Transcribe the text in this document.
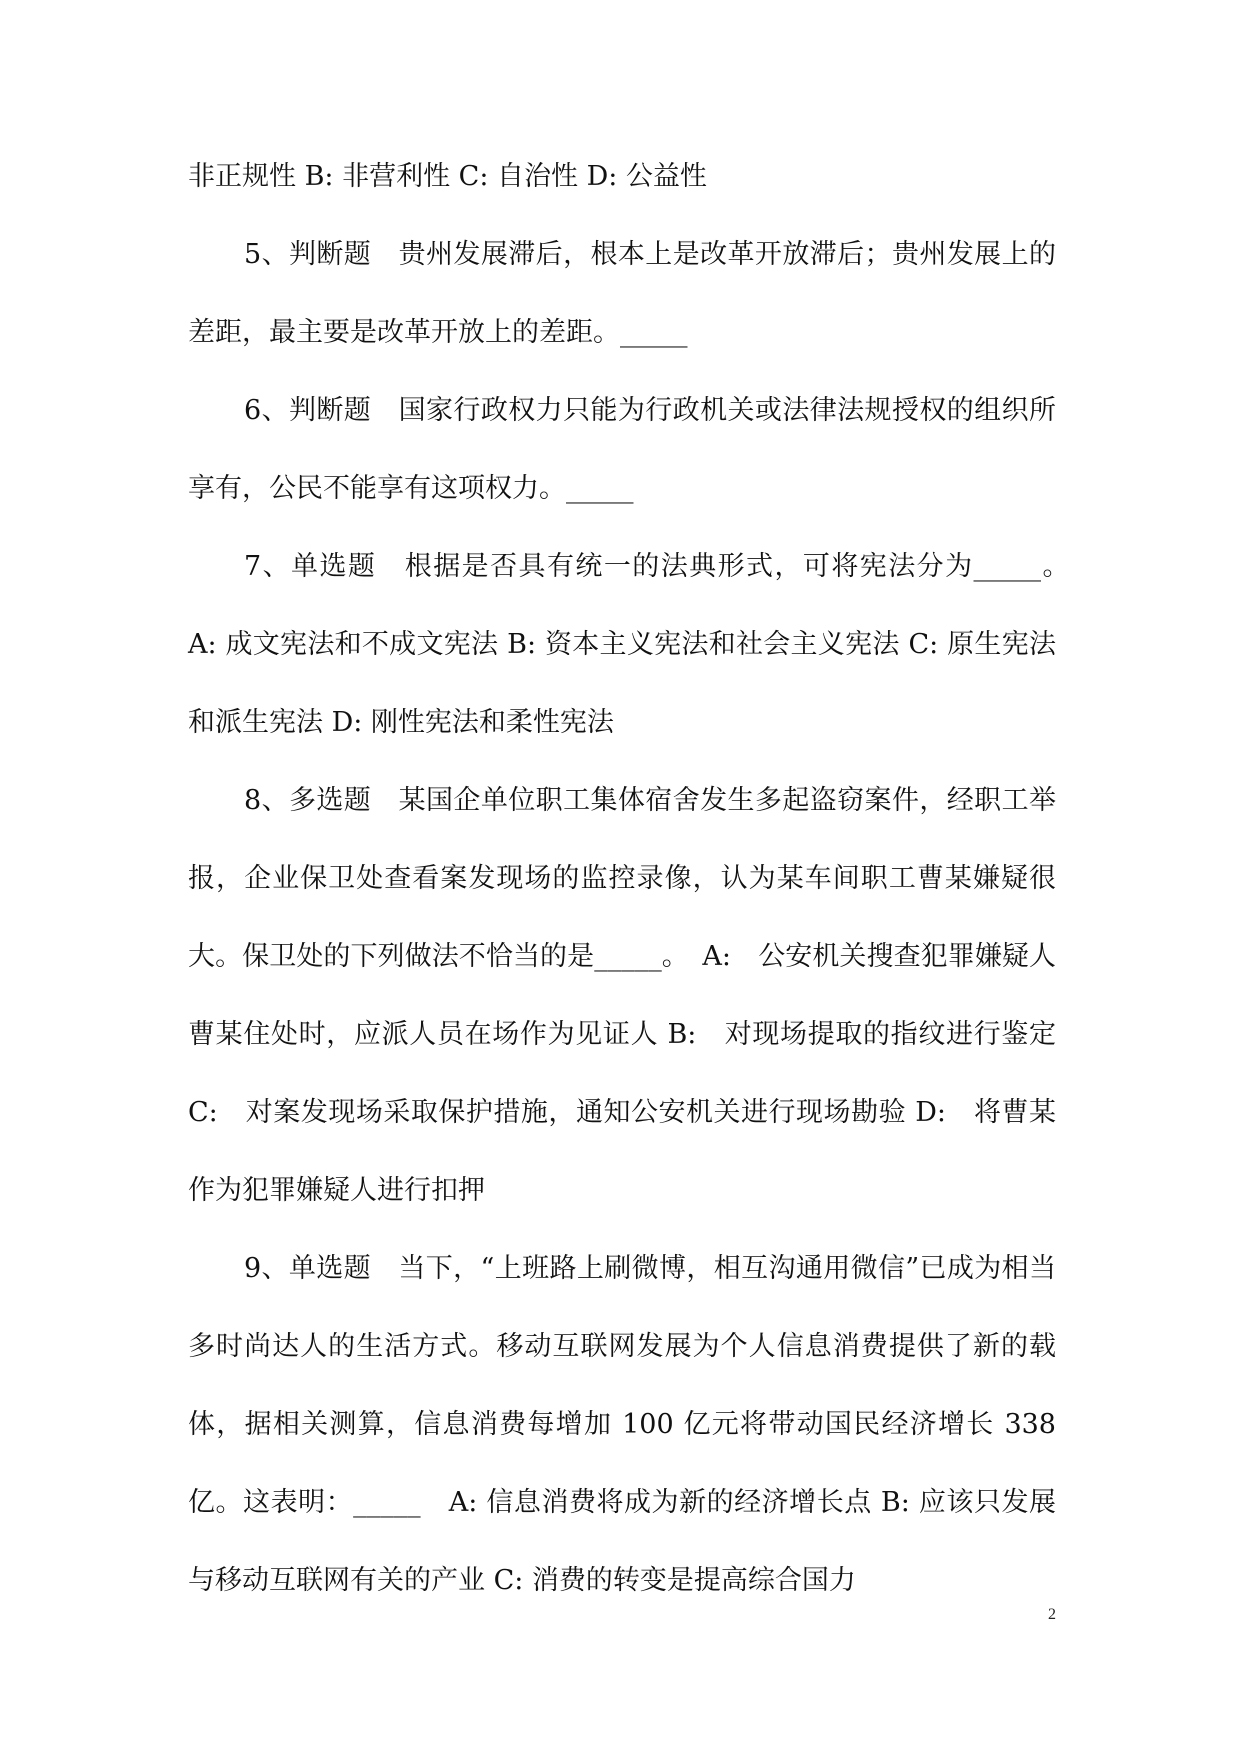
非正规性 B: 非营利性 C: 自治性 D: 公益性

5、判断题　贵州发展滞后，根本上是改革开放滞后；贵州发展上的差距，最主要是改革开放上的差距。_____

6、判断题　国家行政权力只能为行政机关或法律法规授权的组织所享有，公民不能享有这项权力。_____

7、单选题　根据是否具有统一的法典形式，可将宪法分为_____。　A: 成文宪法和不成文宪法 B: 资本主义宪法和社会主义宪法 C: 原生宪法和派生宪法 D: 刚性宪法和柔性宪法

8、多选题　某国企单位职工集体宿舍发生多起盗窃案件，经职工举报，企业保卫处查看案发现场的监控录像，认为某车间职工曹某嫌疑很大。保卫处的下列做法不恰当的是_____。　A:　公安机关搜查犯罪嫌疑人曹某住处时，应派人员在场作为见证人 B:　对现场提取的指纹进行鉴定 C:　对案发现场采取保护措施，通知公安机关进行现场勘验 D:　将曹某作为犯罪嫌疑人进行扣押

9、单选题　当下，“上班路上刷微博，相互沟通用微信”已成为相当多时尚达人的生活方式。移动互联网发展为个人信息消费提供了新的载体，据相关测算，信息消费每增加 100 亿元将带动国民经济增长 338 亿。这表明：_____　A: 信息消费将成为新的经济增长点 B: 应该只发展与移动互联网有关的产业 C: 消费的转变是提高综合国力

2
